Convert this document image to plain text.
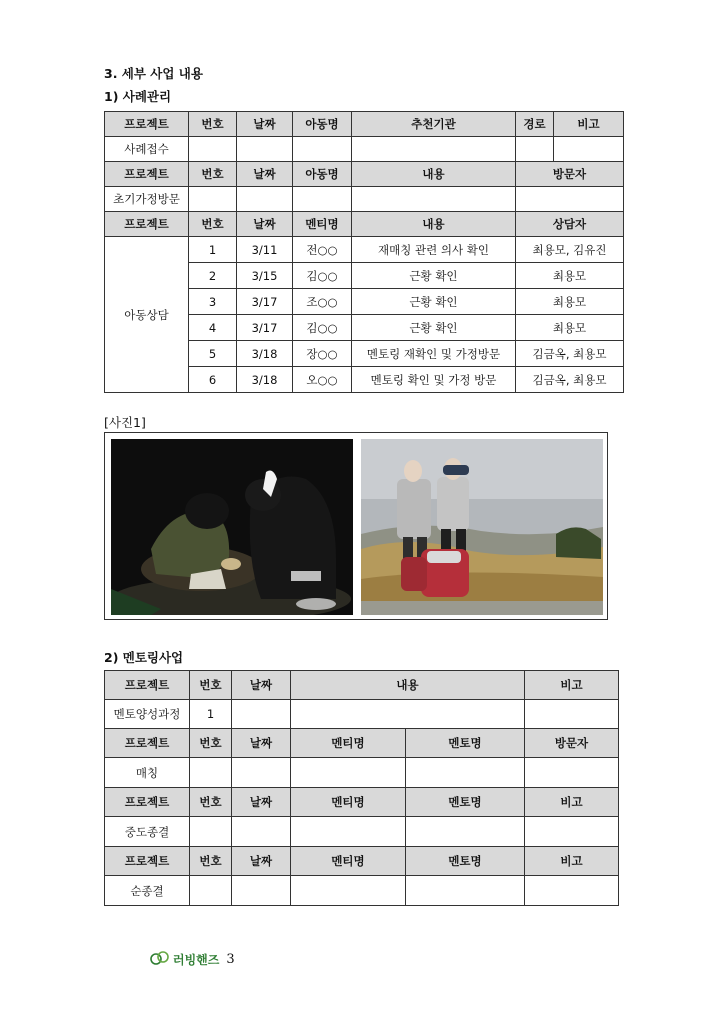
3. 세부 사업 내용
1) 사례관리
프로젝트	번호	날짜	아동명	추천기관	경로	비고
사례접수						
프로젝트	번호	날짜	아동명	내용	방문자	
초기가정방문						
프로젝트	번호	날짜	멘티명	내용	상담자	
아동상담	1	3/11	전○○	재매칭 관련 의사 확인	최용모, 김유진	
	2	3/15	김○○	근황 확인	최용모	
	3	3/17	조○○	근황 확인	최용모	
	4	3/17	김○○	근황 확인	최용모	
	5	3/18	장○○	멘토링 재확인 및 가정방문	김금옥, 최용모	
	6	3/18	오○○	멘토링 확인 및 가정 방문	김금옥, 최용모	
[사진1]
2) 멘토링사업
프로젝트	번호	날짜	내용		비고
멘토양성과정	1				
프로젝트	번호	날짜	멘티명	멘토명	방문자
매칭					
프로젝트	번호	날짜	멘티명	멘토명	비고
중도종결					
프로젝트	번호	날짜	멘티명	멘토명	비고
순종결					
러빙핸즈 3
